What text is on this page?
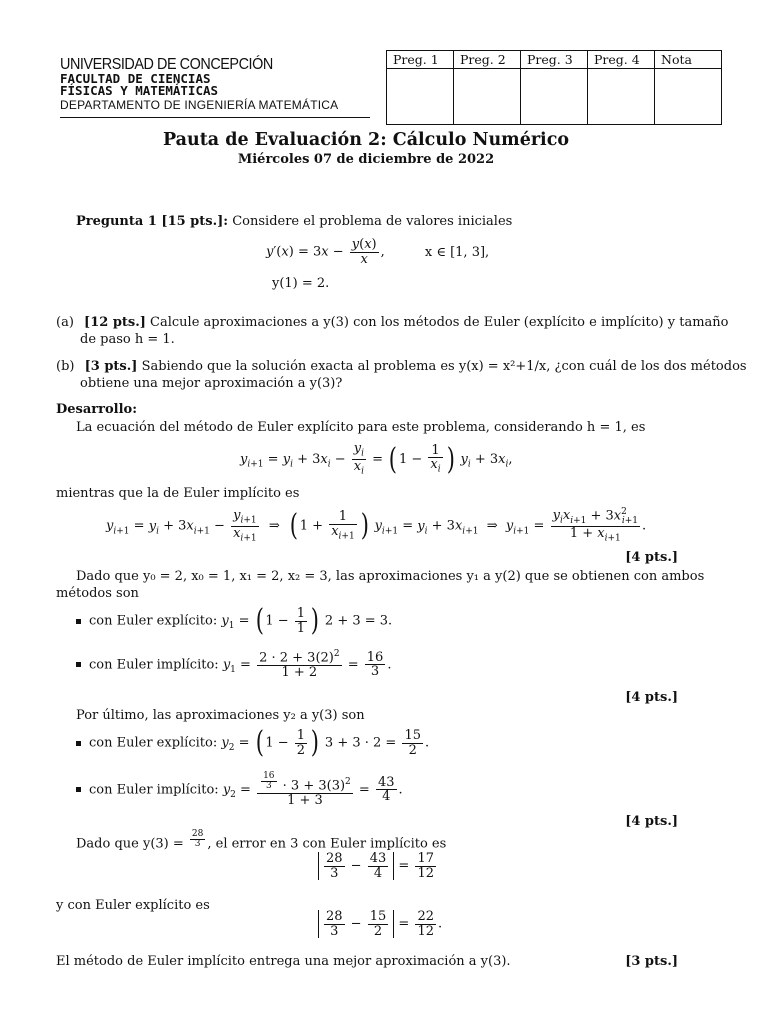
UNIVERSIDAD DE CONCEPCIÓN
FACULTAD DE CIENCIAS
FÍSICAS Y MATEMÁTICAS
DEPARTAMENTO DE INGENIERÍA MATEMÁTICA
Preg. 1	Preg. 2	Preg. 3	Preg. 4	Nota

Pauta de Evaluación 2: Cálculo Numérico
Miércoles 07 de diciembre de 2022
Pregunta 1 [15 pts.]: Considere el problema de valores iniciales
$y'(x) = 3x - \frac{y(x)}{x}$ ,	x ∈ [1, 3],
y(1) = 2.
(a) [12 pts.] Calcule aproximaciones a y(3) con los métodos de Euler (explícito e implícito) y tamaño
de paso h = 1.
(b) [3 pts.] Sabiendo que la solución exacta al problema es y(x) = x²+1/x, ¿con cuál de los dos métodos
obtiene una mejor aproximación a y(3)?
Desarrollo:
La ecuación del método de Euler explícito para este problema, considerando h = 1, es
$y_{i+1} = y_i + 3x_i - \frac{y_i}{x_i}$ = ( $1 - \frac{1}{x_i}$ ) $y_i + 3x_i$,
mientras que la de Euler implícito es
$y_{i+1} = y_i + 3x_{i+1} - \frac{y_{i+1}}{x_{i+1}}$ ⇒  ( $1 + \frac{1}{x_{i+1}}$ ) $y_{i+1} = y_i + 3x_{i+1}$  ⇒  $y_{i+1} = \frac{y_ix_{i+1} + 3x^2_{i+1}}{1 + x_{i+1}}$ .
[4 pts.]
Dado que y₀ = 2, x₀ = 1, x₁ = 2, x₂ = 3, las aproximaciones y₁ a y(2) que se obtienen con ambos
métodos son
con Euler explícito: $y_1$ = ( $1 - \frac{1}{1}$ ) 2 + 3 = 3.
con Euler implícito: $y_1 = \frac{2 \cdot 2 + 3(2)^2}{1 + 2} = \frac{16}{3}$ .
[4 pts.]
Por último, las aproximaciones y₂ a y(3) son
con Euler explícito: $y_2$ = ( $1 - \frac{1}{2}$ ) $3 + 3 \cdot 2 = \frac{15}{2}$ .
con Euler implícito: $y_2 = \frac{\frac{16}{3} \cdot 3 + 3(3)^2}{1 + 3} = \frac{43}{4}$ .
[4 pts.]
Dado que $y(3) = \frac{28}{3}$ , el error en 3 con Euler implícito es
$\frac{28}{3} - \frac{43}{4} = \frac{17}{12}$
y con Euler explícito es
$\frac{28}{3} - \frac{15}{2} = \frac{22}{12}$ .
El método de Euler implícito entrega una mejor aproximación a y(3).	[3 pts.]
